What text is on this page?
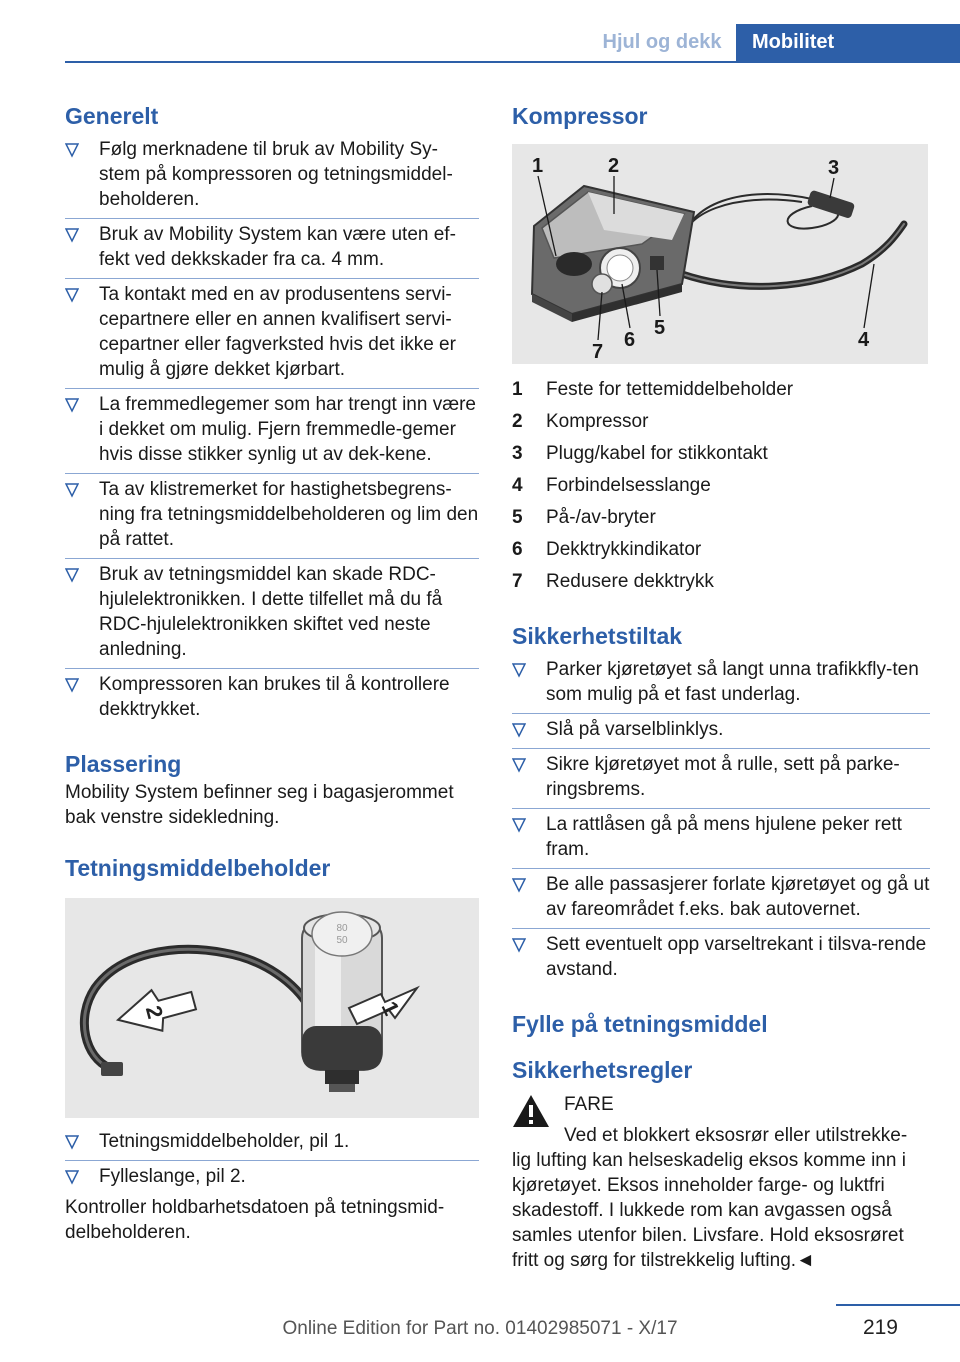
Hjul og dekk	Mobilitet
Generelt
Følg merknadene til bruk av Mobility Sy-stem på kompressoren og tetningsmiddel-beholderen.
Bruk av Mobility System kan være uten ef-fekt ved dekkskader fra ca. 4 mm.
Ta kontakt med en av produsentens servi-cepartnere eller en annen kvalifisert servi-cepartner eller fagverksted hvis det ikke er mulig å gjøre dekket kjørbart.
La fremmedlegemer som har trengt inn være i dekket om mulig. Fjern fremmedle-gemer hvis disse stikker synlig ut av dek-kene.
Ta av klistremerket for hastighetsbegrens-ning fra tetningsmiddelbeholderen og lim den på rattet.
Bruk av tetningsmiddel kan skade RDC-hjulelektronikken. I dette tilfellet må du få RDC-hjulelektronikken skiftet ved neste anledning.
Kompressoren kan brukes til å kontrollere dekktrykket.
Plassering

Mobility System befinner seg i bagasjerommet bak venstre sidekledning.

Tetningsmiddelbeholder
80
50
2	1
Tetningsmiddelbeholder, pil 1.
Fylleslange, pil 2.

Kontroller holdbarhetsdatoen på tetningsmid-delbeholderen.

Kompressor
1	2	3
4
5
6
7
1	Feste for tettemiddelbeholder
2	Kompressor
3	Plugg/kabel for stikkontakt
4	Forbindelsesslange
5	På-/av-bryter
6	Dekktrykkindikator
7	Redusere dekktrykk
Sikkerhetstiltak
Parker kjøretøyet så langt unna trafikkfly-ten som mulig på et fast underlag.
Slå på varselblinklys.
Sikre kjøretøyet mot å rulle, sett på parke-ringsbrems.
La rattlåsen gå på mens hjulene peker rett fram.
Be alle passasjerer forlate kjøretøyet og gå ut av fareområdet f.eks. bak autovernet.
Sett eventuelt opp varseltrekant i tilsva-rende avstand.
Fylle på tetningsmiddel
Sikkerhetsregler

FARE

Ved et blokkert eksosrør eller utilstrekke-

lig lufting kan helseskadelig eksos komme inn i kjøretøyet. Eksos inneholder farge- og luktfri skadestoff. I lukkede rom kan avgassen også samles utenfor bilen. Livsfare. Hold eksosrøret fritt og sørg for tilstrekkelig lufting.◄

219
Online Edition for Part no. 01402985071 - X/17
